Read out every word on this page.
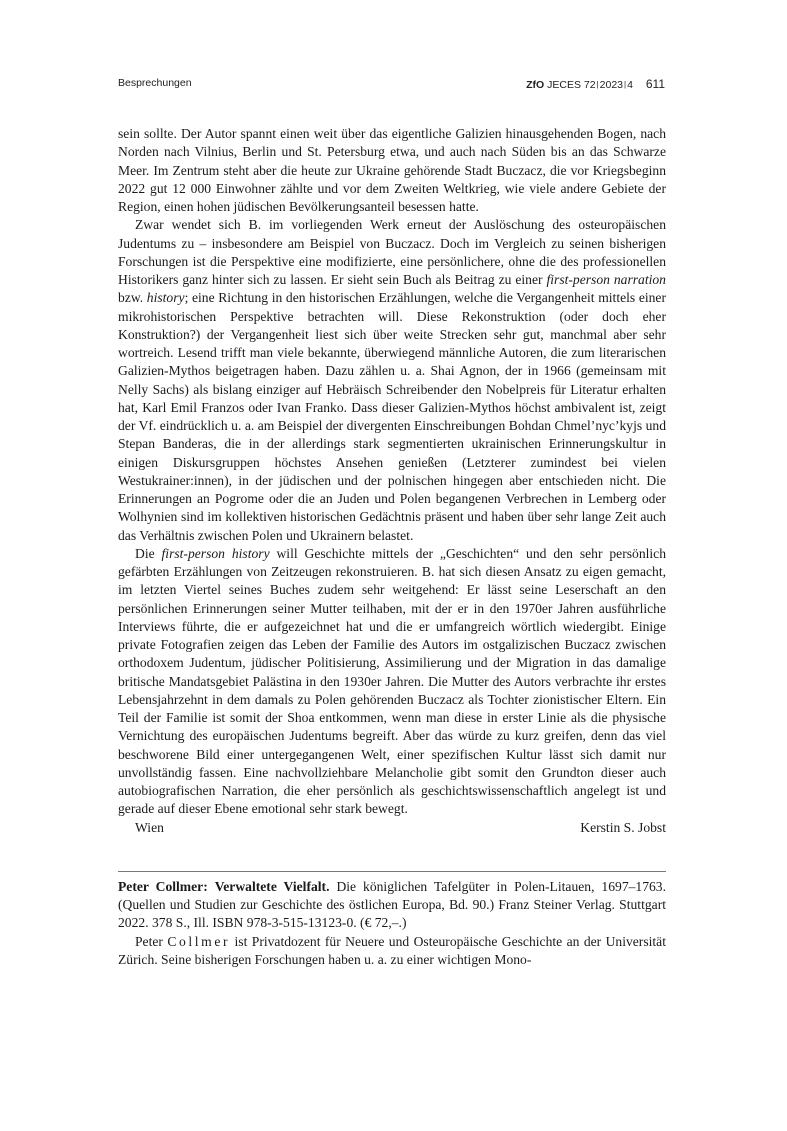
Besprechungen	ZfO JECES 72|2023|4 611

sein sollte. Der Autor spannt einen weit über das eigentliche Galizien hinausgehenden Bogen, nach Norden nach Vilnius, Berlin und St. Petersburg etwa, und auch nach Süden bis an das Schwarze Meer. Im Zentrum steht aber die heute zur Ukraine gehörende Stadt Buczacz, die vor Kriegsbeginn 2022 gut 12 000 Einwohner zählte und vor dem Zweiten Weltkrieg, wie viele andere Gebiete der Region, einen hohen jüdischen Bevölkerungsanteil besessen hatte.

Zwar wendet sich B. im vorliegenden Werk erneut der Auslöschung des osteuropäischen Judentums zu – insbesondere am Beispiel von Buczacz. Doch im Vergleich zu seinen bisherigen Forschungen ist die Perspektive eine modifizierte, eine persönlichere, ohne die des professionellen Historikers ganz hinter sich zu lassen. Er sieht sein Buch als Beitrag zu einer first-person narration bzw. history; eine Richtung in den historischen Erzählungen, welche die Vergangenheit mittels einer mikrohistorischen Perspektive betrachten will. Diese Rekonstruktion (oder doch eher Konstruktion?) der Vergangenheit liest sich über weite Strecken sehr gut, manchmal aber sehr wortreich. Lesend trifft man viele bekannte, überwiegend männliche Autoren, die zum literarischen Galizien-Mythos beigetragen haben. Dazu zählen u. a. Shai Agnon, der in 1966 (gemeinsam mit Nelly Sachs) als bislang einziger auf Hebräisch Schreibender den Nobelpreis für Literatur erhalten hat, Karl Emil Franzos oder Ivan Franko. Dass dieser Galizien-Mythos höchst ambivalent ist, zeigt der Vf. eindrücklich u. a. am Beispiel der divergenten Einschreibungen Bohdan Chmel’nyc’kyjs und Stepan Banderas, die in der allerdings stark segmentierten ukrainischen Erinnerungskultur in einigen Diskursgruppen höchstes Ansehen genießen (Letzterer zumindest bei vielen Westukrainer:innen), in der jüdischen und der polnischen hingegen aber entschieden nicht. Die Erinnerungen an Pogrome oder die an Juden und Polen begangenen Verbrechen in Lemberg oder Wolhynien sind im kollektiven historischen Gedächtnis präsent und haben über sehr lange Zeit auch das Verhältnis zwischen Polen und Ukrainern belastet.

Die first-person history will Geschichte mittels der „Geschichten“ und den sehr persönlich gefärbten Erzählungen von Zeitzeugen rekonstruieren. B. hat sich diesen Ansatz zu eigen gemacht, im letzten Viertel seines Buches zudem sehr weitgehend: Er lässt seine Leserschaft an den persönlichen Erinnerungen seiner Mutter teilhaben, mit der er in den 1970er Jahren ausführliche Interviews führte, die er aufgezeichnet hat und die er umfangreich wörtlich wiedergibt. Einige private Fotografien zeigen das Leben der Familie des Autors im ostgalizischen Buczacz zwischen orthodoxem Judentum, jüdischer Politisierung, Assimilierung und der Migration in das damalige britische Mandatsgebiet Palästina in den 1930er Jahren. Die Mutter des Autors verbrachte ihr erstes Lebensjahrzehnt in dem damals zu Polen gehörenden Buczacz als Tochter zionistischer Eltern. Ein Teil der Familie ist somit der Shoa entkommen, wenn man diese in erster Linie als die physische Vernichtung des europäischen Judentums begreift. Aber das würde zu kurz greifen, denn das viel beschworene Bild einer untergegangenen Welt, einer spezifischen Kultur lässt sich damit nur unvollständig fassen. Eine nachvollziehbare Melancholie gibt somit den Grundton dieser auch autobiografischen Narration, die eher persönlich als geschichtswissenschaftlich angelegt ist und gerade auf dieser Ebene emotional sehr stark bewegt.

Wien	Kerstin S. Jobst

Peter Collmer: Verwaltete Vielfalt. Die königlichen Tafelgüter in Polen-Litauen, 1697–1763. (Quellen und Studien zur Geschichte des östlichen Europa, Bd. 90.) Franz Steiner Verlag. Stuttgart 2022. 378 S., Ill. ISBN 978-3-515-13123-0. (€ 72,–.)

Peter Collmer ist Privatdozent für Neuere und Osteuropäische Geschichte an der Universität Zürich. Seine bisherigen Forschungen haben u. a. zu einer wichtigen Mono-
